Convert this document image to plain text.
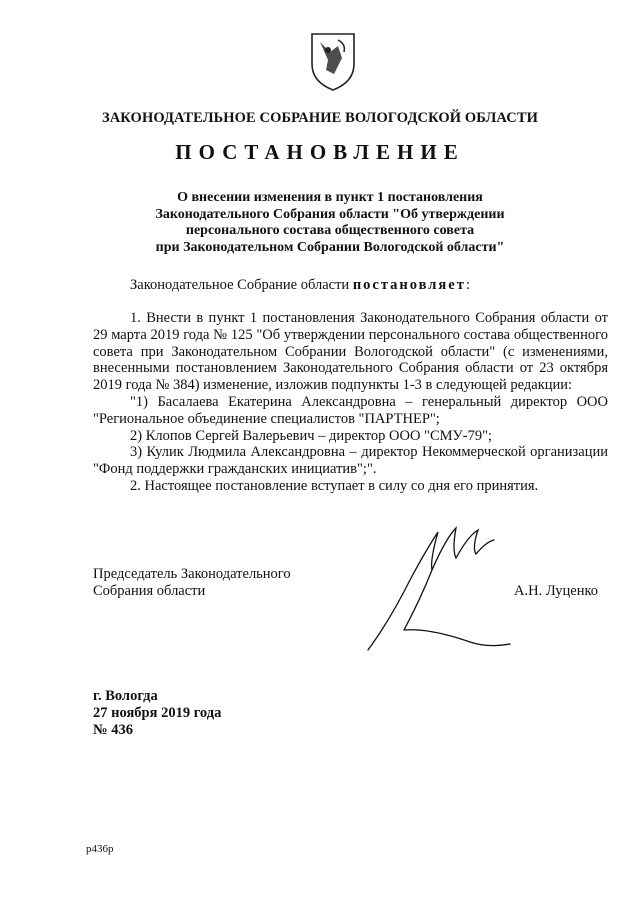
ЗАКОНОДАТЕЛЬНОЕ СОБРАНИЕ ВОЛОГОДСКОЙ ОБЛАСТИ
ПОСТАНОВЛЕНИЕ
О внесении изменения в пункт 1 постановления
Законодательного Собрания области "Об утверждении
персонального состава общественного совета
при Законодательном Собрании Вологодской области"
Законодательное Собрание области постановляет:

1. Внести в пункт 1 постановления Законодательного Собрания области от 29 марта 2019 года № 125 "Об утверждении персонального состава общественного совета при Законодательном Собрании Вологодской области" (с изменениями, внесенными постановлением Законодательного Собрания области от 23 октября 2019 года № 384) изменение, изложив подпункты 1-3 в следующей редакции:

"1) Басалаева Екатерина Александровна – генеральный директор ООО "Региональное объединение специалистов "ПАРТНЕР";

2) Клопов Сергей Валерьевич – директор ООО "СМУ-79";

3) Кулик Людмила Александровна – директор Некоммерческой организации "Фонд поддержки гражданских инициатив";".

2. Настоящее постановление вступает в силу со дня его принятия.

Председатель Законодательного
Собрания области	А.Н. Луценко
г. Вологда
27 ноября 2019 года
№ 436
р436р
